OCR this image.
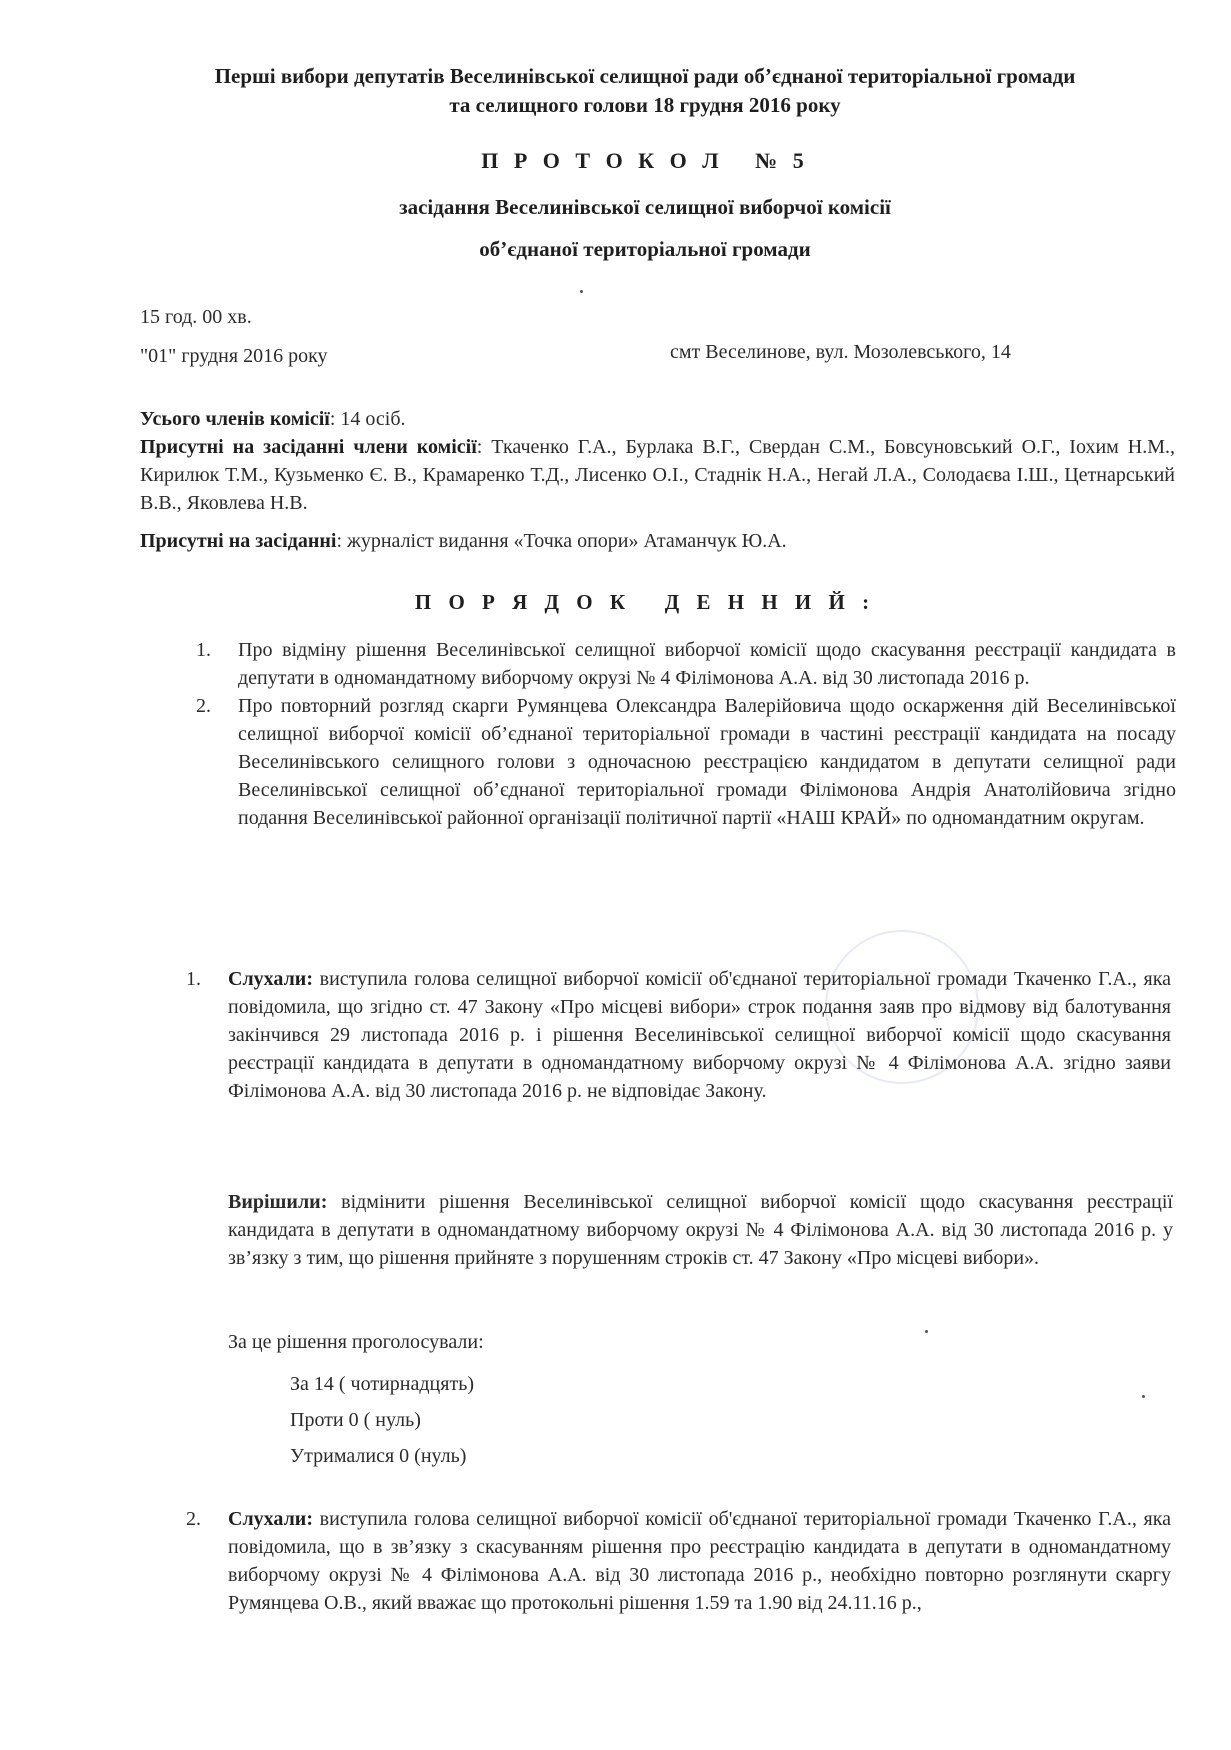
Перші вибори депутатів Веселинівської селищної ради об’єднаної територіальної громади
та селищного голови 18 грудня 2016 року
П Р О Т О К О Л   № 5
засідання Веселинівської селищної виборчої комісії
об’єднаної територіальної громади
15 год. 00 хв.
"01" грудня 2016 року	смт Веселинове, вул. Мозолевського, 14
Усього членів комісії: 14 осіб.
Присутні на засіданні члени комісії: Ткаченко Г.А., Бурлака В.Г., Свердан С.М., Бовсуновський О.Г., Іохим Н.М., Кирилюк Т.М., Кузьменко Є. В., Крамаренко Т.Д., Лисенко О.І., Стаднік Н.А., Негай Л.А., Солодаєва І.Ш., Цетнарський В.В., Яковлева Н.В.
Присутні на засіданні: журналіст видання «Точка опори» Атаманчук Ю.А.
П О Р Я Д О К   Д Е Н Н И Й :
1. Про відміну рішення Веселинівської селищної виборчої комісії щодо скасування реєстрації кандидата в депутати в одномандатному виборчому окрузі № 4 Філімонова А.А. від 30 листопада 2016 р.
2. Про повторний розгляд скарги Румянцева Олександра Валерійовича щодо оскарження дій Веселинівської селищної виборчої комісії об’єднаної територіальної громади в частині реєстрації кандидата на посаду Веселинівського селищного голови з одночасною реєстрацією кандидатом в депутати селищної ради Веселинівської селищної об’єднаної територіальної громади Філімонова Андрія Анатолійовича згідно подання Веселинівської районної організації політичної партії «НАШ КРАЙ» по одномандатним округам.
1. Слухали: виступила голова селищної виборчої комісії об'єднаної територіальної громади Ткаченко Г.А., яка повідомила, що згідно ст. 47 Закону «Про місцеві вибори» строк подання заяв про відмову від балотування закінчився 29 листопада 2016 р. і рішення Веселинівської селищної виборчої комісії щодо скасування реєстрації кандидата в депутати в одномандатному виборчому окрузі № 4 Філімонова А.А. згідно заяви Філімонова А.А. від 30 листопада 2016 р. не відповідає Закону.
Вирішили: відмінити рішення Веселинівської селищної виборчої комісії щодо скасування реєстрації кандидата в депутати в одномандатному виборчому окрузі № 4 Філімонова А.А. від 30 листопада 2016 р. у зв’язку з тим, що рішення прийняте з порушенням строків ст. 47 Закону «Про місцеві вибори».
За це рішення проголосували:
За 14 ( чотирнадцять)
Проти 0 ( нуль)
Утрималися 0 (нуль)
2. Слухали: виступила голова селищної виборчої комісії об'єднаної територіальної громади Ткаченко Г.А., яка повідомила, що в зв’язку з скасуванням рішення про реєстрацію кандидата в депутати в одномандатному виборчому окрузі № 4 Філімонова А.А. від 30 листопада 2016 р., необхідно повторно розглянути скаргу Румянцева О.В., який вважає що протокольні рішення 1.59 та 1.90 від 24.11.16 р.,
